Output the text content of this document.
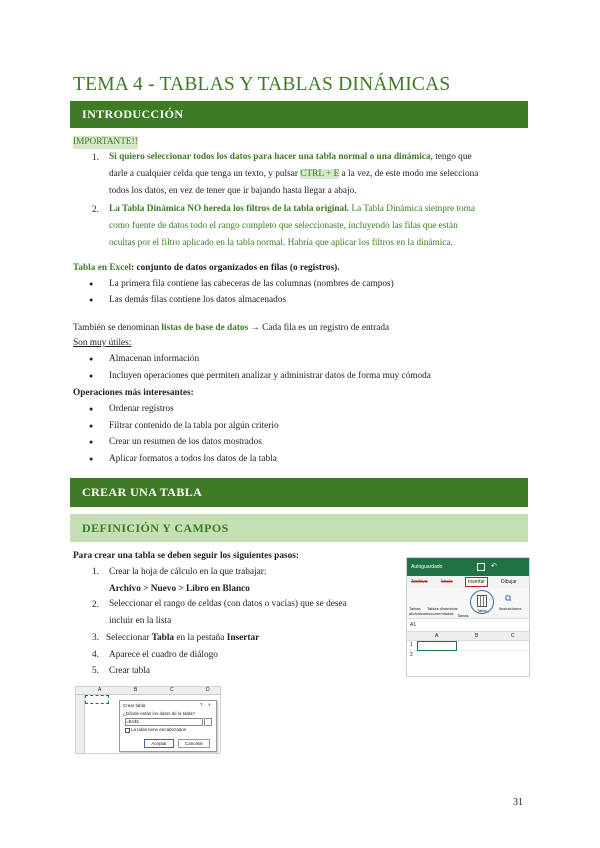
TEMA 4 - TABLAS Y TABLAS DINÁMICAS
INTRODUCCIÓN
IMPORTANTE!!
1. Si quiero seleccionar todos los datos para hacer una tabla normal o una dinámica, tengo que
darle a cualquier celda que tenga un texto, y pulsar CTRL + E a la vez, de este modo me selecciona
todos los datos, en vez de tener que ir bajando hasta llegar a abajo.
2. La Tabla Dinámica NO hereda los filtros de la tabla original. La Tabla Dinámica siempre toma
como fuente de datos todo el rango completo que seleccionaste, incluyendo las filas que están
ocultas por el filtro aplicado en la tabla normal. Habría que aplicar los filtros en la dinámica.
Tabla en Excel: conjunto de datos organizados en filas (o registros).
● La primera fila contiene las cabeceras de las columnas (nombres de campos)
● Las demás filas contiene los datos almacenados
También se denominan listas de base de datos → Cada fila es un registro de entrada
Son muy útiles:
● Almacenan información
● Incluyen operaciones que permiten analizar y administrar datos de forma muy cómoda
Operaciones más interesantes:
● Ordenar registros
● Filtrar contenido de la tabla por algún criterio
● Crear un resumen de los datos mostrados
● Aplicar formatos a todos los datos de la tabla
CREAR UNA TABLA
DEFINICIÓN Y CAMPOS
Para crear una tabla se deben seguir los siguientes pasos:
1. Crear la hoja de cálculo en la que trabajar:
Archivo > Nuevo > Libro en Blanco
2. Seleccionar el rango de celdas (con datos o vacías) que se desea
incluir en la lista
3. Seleccionar Tabla en la pestaña Insertar
4. Aparece el cuadro de diálogo
5. Crear tabla
Autoguardado	↶
Archivo	Inicio	Insertar	Dibujar
Tablas dinámicas
Tablas dinámicas recomendadas
Tabla	Ilustraciones
⧉
Tablas
A1
A	B	C
1
2
A	B	C	D
Crear tabla	? ×
¿Dónde están los datos de la tabla?
=$A$1
La tabla tiene encabezados
Aceptar	Cancelar
31
